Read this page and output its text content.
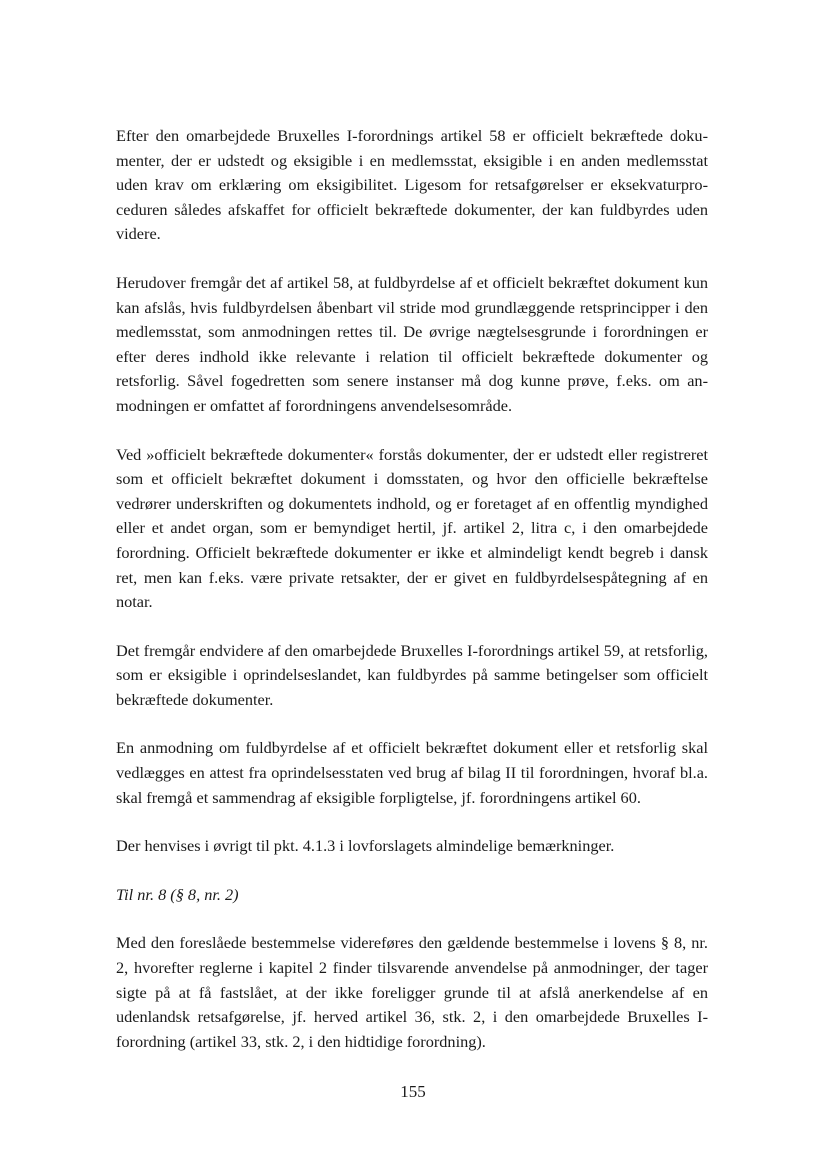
Efter den omarbejdede Bruxelles I-forordnings artikel 58 er officielt bekræftede dokumenter, der er udstedt og eksigible i en medlemsstat, eksigible i en anden medlemsstat uden krav om erklæring om eksigibilitet. Ligesom for retsafgørelser er eksekvaturproceduren således afskaffet for officielt bekræftede dokumenter, der kan fuldbyrdes uden videre.

Herudover fremgår det af artikel 58, at fuldbyrdelse af et officielt bekræftet dokument kun kan afslås, hvis fuldbyrdelsen åbenbart vil stride mod grundlæggende retsprincipper i den medlemsstat, som anmodningen rettes til. De øvrige nægtelsesgrunde i forordningen er efter deres indhold ikke relevante i relation til officielt bekræftede dokumenter og retsforlig. Såvel fogedretten som senere instanser må dog kunne prøve, f.eks. om anmodningen er omfattet af forordningens anvendelsesområde.

Ved »officielt bekræftede dokumenter« forstås dokumenter, der er udstedt eller registreret som et officielt bekræftet dokument i domsstaten, og hvor den officielle bekræftelse vedrører underskriften og dokumentets indhold, og er foretaget af en offentlig myndighed eller et andet organ, som er bemyndiget hertil, jf. artikel 2, litra c, i den omarbejdede forordning. Officielt bekræftede dokumenter er ikke et almindeligt kendt begreb i dansk ret, men kan f.eks. være private retsakter, der er givet en fuldbyrdelsespåtegning af en notar.

Det fremgår endvidere af den omarbejdede Bruxelles I-forordnings artikel 59, at retsforlig, som er eksigible i oprindelseslandet, kan fuldbyrdes på samme betingelser som officielt bekræftede dokumenter.

En anmodning om fuldbyrdelse af et officielt bekræftet dokument eller et retsforlig skal vedlægges en attest fra oprindelsesstaten ved brug af bilag II til forordningen, hvoraf bl.a. skal fremgå et sammendrag af eksigible forpligtelse, jf. forordningens artikel 60.

Der henvises i øvrigt til pkt. 4.1.3 i lovforslagets almindelige bemærkninger.

Til nr. 8 (§ 8, nr. 2)

Med den foreslåede bestemmelse videreføres den gældende bestemmelse i lovens § 8, nr. 2, hvorefter reglerne i kapitel 2 finder tilsvarende anvendelse på anmodninger, der tager sigte på at få fastslået, at der ikke foreligger grunde til at afslå anerkendelse af en udenlandsk retsafgørelse, jf. herved artikel 36, stk. 2, i den omarbejdede Bruxelles I-forordning (artikel 33, stk. 2, i den hidtidige forordning).

155
